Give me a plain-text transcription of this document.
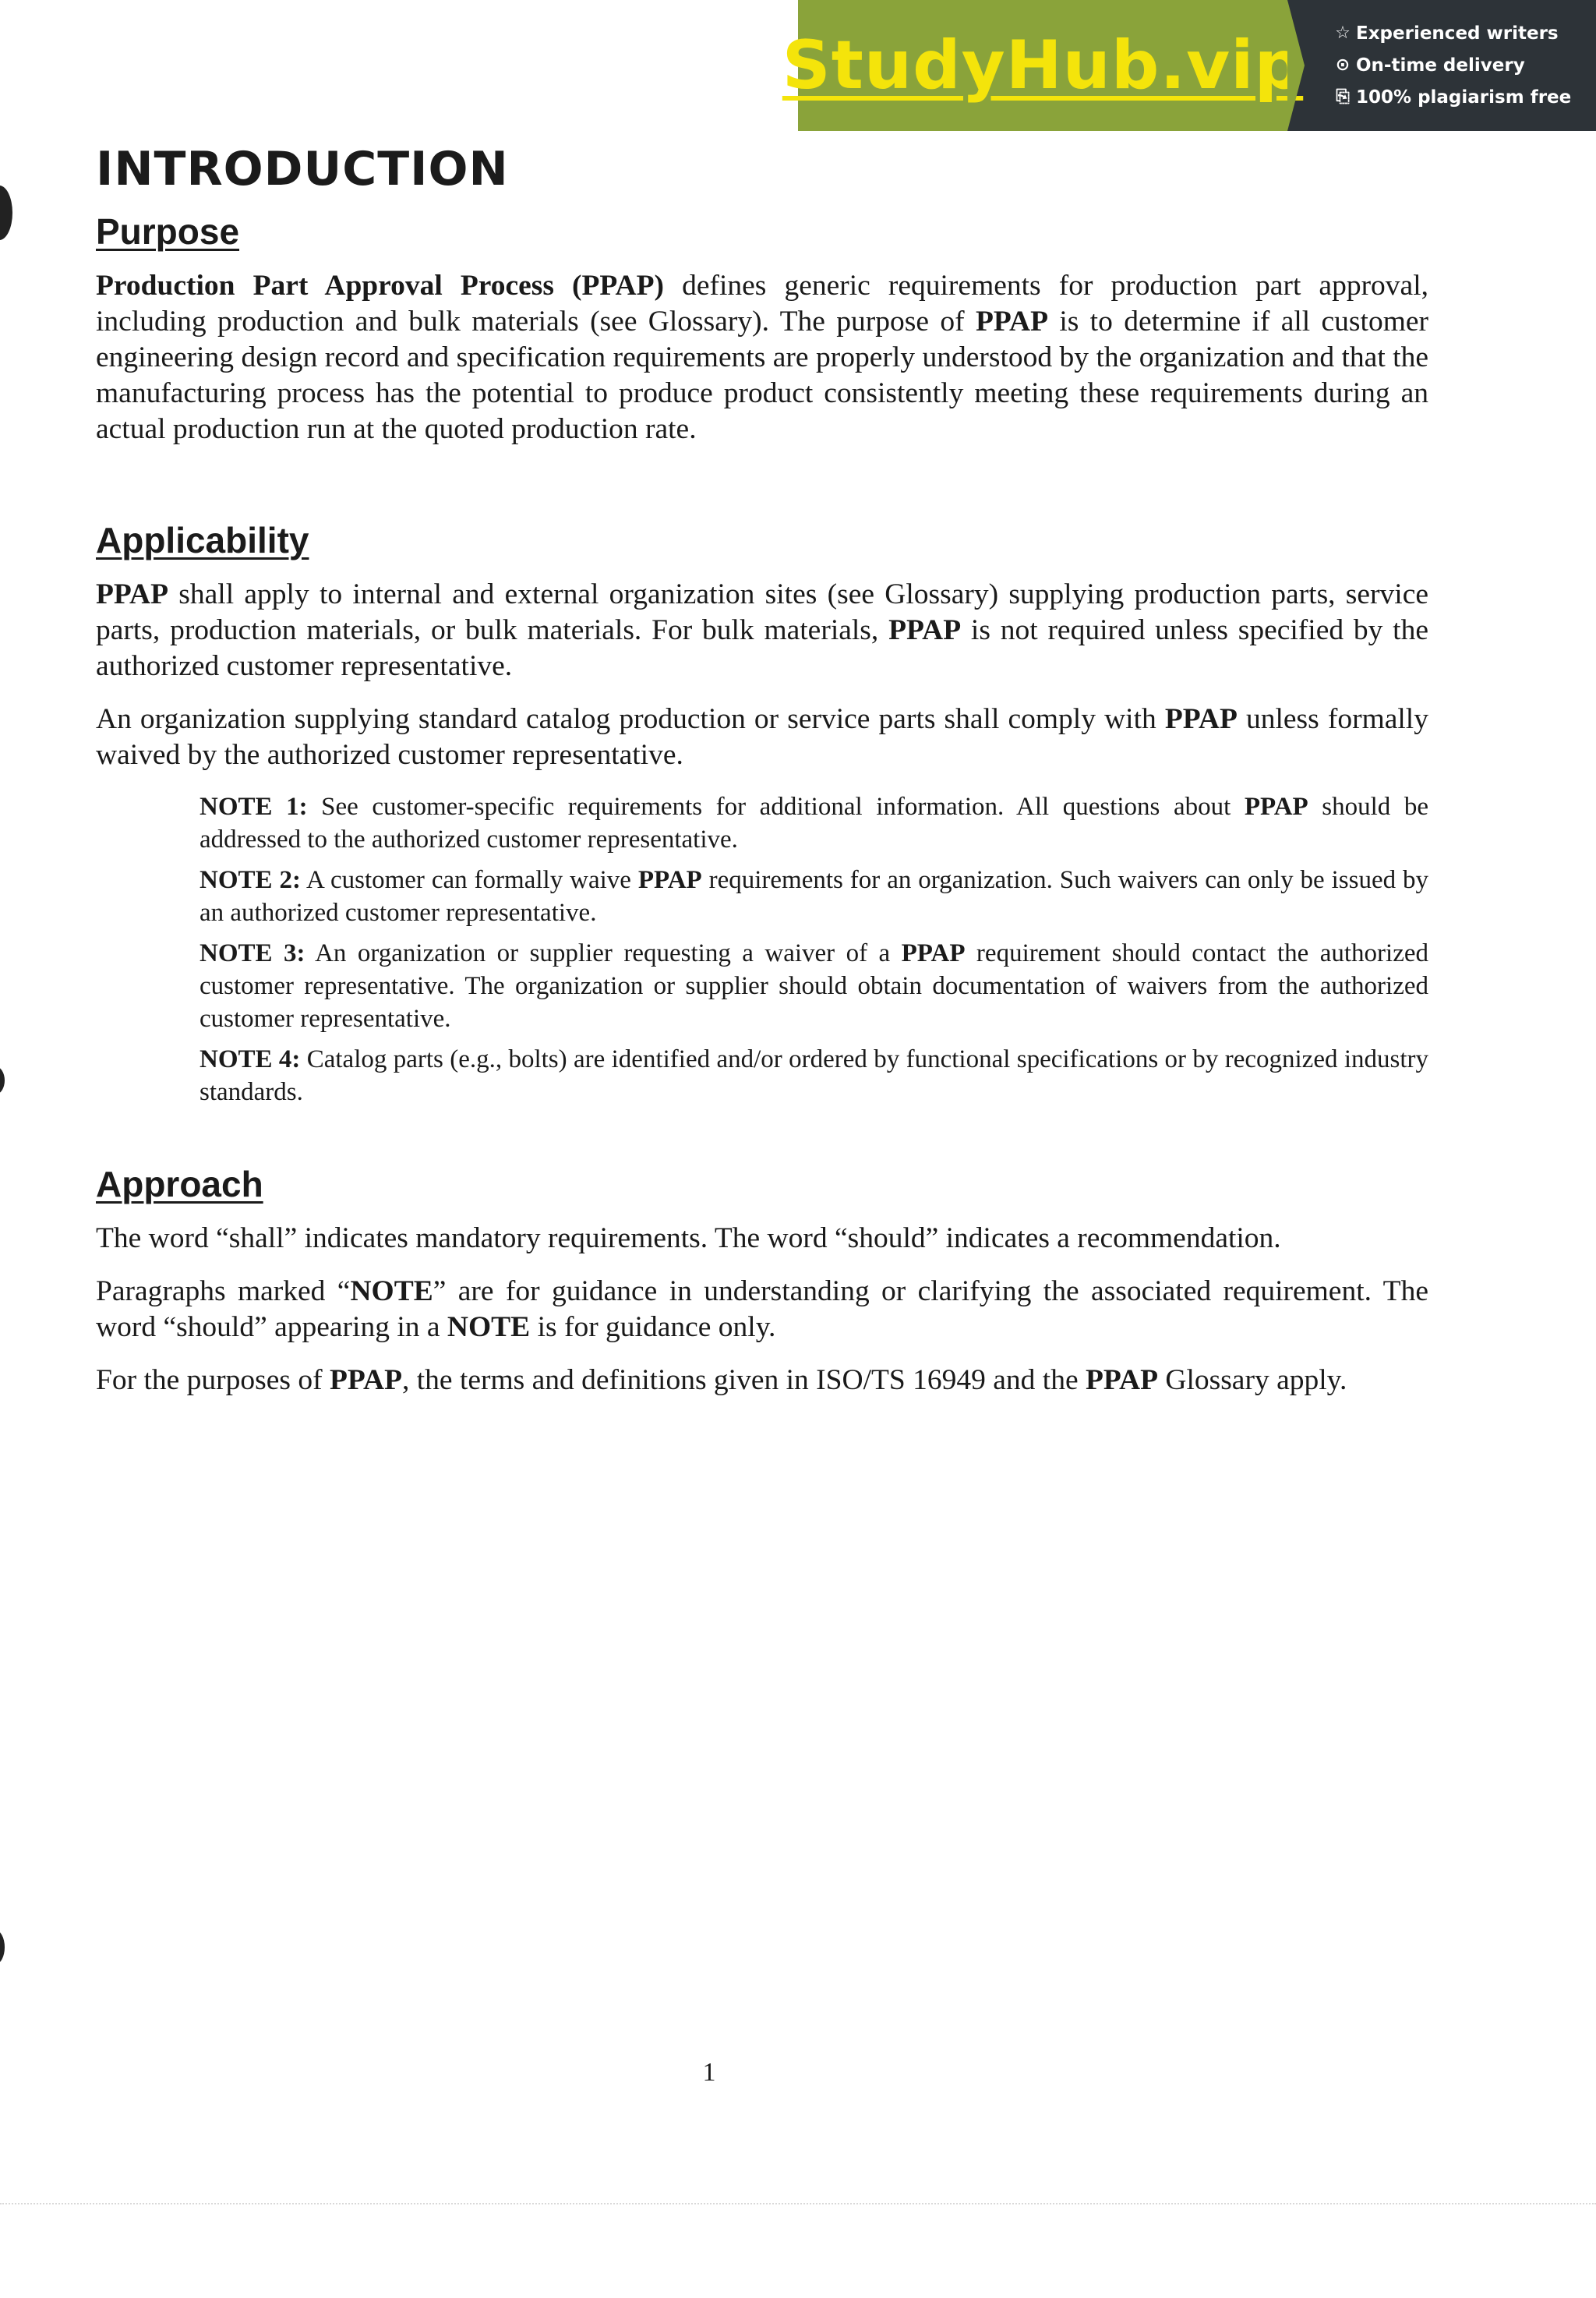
StudyHub.vip ☆ Experienced writers
⊙ On-time delivery
⎘ 100% plagiarism free
INTRODUCTION
Purpose

Production Part Approval Process (PPAP) defines generic requirements for production part approval, including production and bulk materials (see Glossary). The purpose of PPAP is to determine if all customer engineering design record and specification requirements are properly understood by the organization and that the manufacturing process has the potential to produce product consistently meeting these requirements during an actual production run at the quoted production rate.

Applicability

PPAP shall apply to internal and external organization sites (see Glossary) supplying production parts, service parts, production materials, or bulk materials. For bulk materials, PPAP is not required unless specified by the authorized customer representative.

An organization supplying standard catalog production or service parts shall comply with PPAP unless formally waived by the authorized customer representative.

NOTE 1: See customer-specific requirements for additional information. All questions about PPAP should be addressed to the authorized customer representative.

NOTE 2: A customer can formally waive PPAP requirements for an organization. Such waivers can only be issued by an authorized customer representative.

NOTE 3: An organization or supplier requesting a waiver of a PPAP requirement should contact the authorized customer representative. The organization or supplier should obtain documentation of waivers from the authorized customer representative.

NOTE 4: Catalog parts (e.g., bolts) are identified and/or ordered by functional specifications or by recognized industry standards.

Approach

The word “shall” indicates mandatory requirements. The word “should” indicates a recommendation.

Paragraphs marked “NOTE” are for guidance in understanding or clarifying the associated requirement. The word “should” appearing in a NOTE is for guidance only.

For the purposes of PPAP, the terms and definitions given in ISO/TS 16949 and the PPAP Glossary apply.

1
